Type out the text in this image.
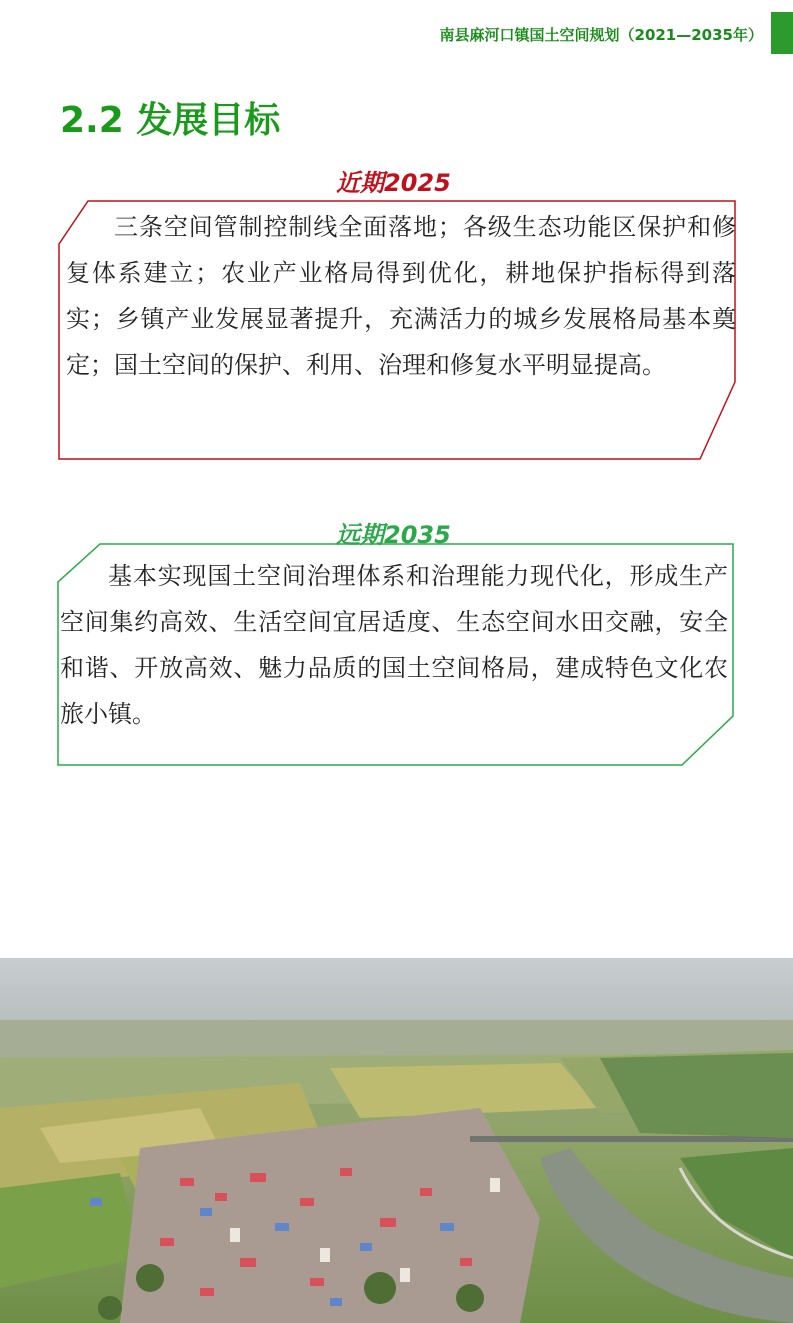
南县麻河口镇国土空间规划（2021—2035年）
2.2 发展目标
近期2025

三条空间管制控制线全面落地；各级生态功能区保护和修复体系建立；农业产业格局得到优化，耕地保护指标得到落实；乡镇产业发展显著提升，充满活力的城乡发展格局基本奠定；国土空间的保护、利用、治理和修复水平明显提高。

远期2035

基本实现国土空间治理体系和治理能力现代化，形成生产空间集约高效、生活空间宜居适度、生态空间水田交融，安全和谐、开放高效、魅力品质的国土空间格局，建成特色文化农旅小镇。
